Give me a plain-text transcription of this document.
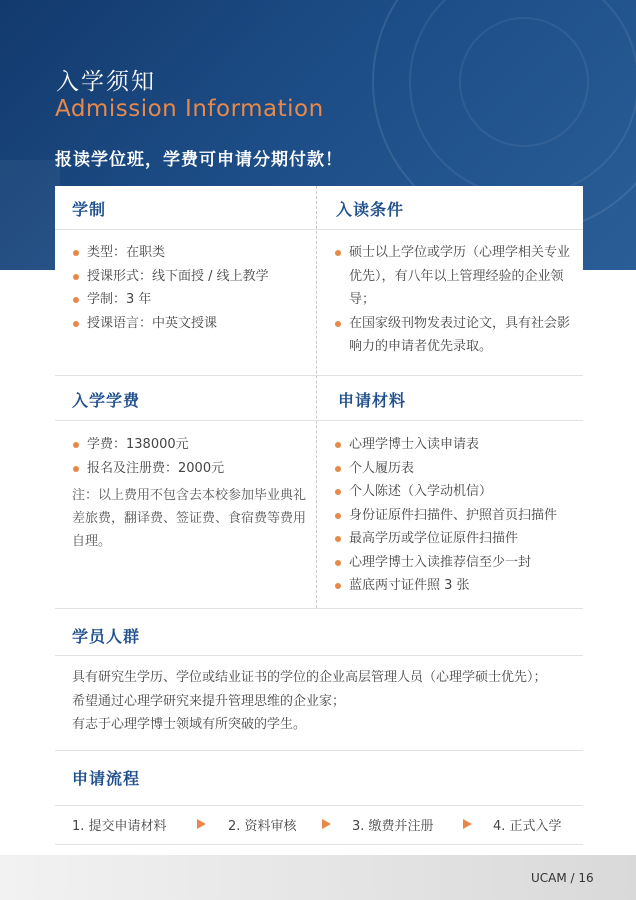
入学须知
Admission Information
报读学位班，学费可申请分期付款！
学制
类型：在职类
授课形式：线下面授 / 线上教学
学制：3 年
授课语言：中英文授课
入读条件
硕士以上学位或学历（心理学相关专业优先），有八年以上管理经验的企业领导；
在国家级刊物发表过论文，具有社会影响力的申请者优先录取。
入学学费
学费：138000元
报名及注册费：2000元
注：以上费用不包含去本校参加毕业典礼差旅费，翻译费、签证费、食宿费等费用自理。
申请材料
心理学博士入读申请表
个人履历表
个人陈述（入学动机信）
身份证原件扫描件、护照首页扫描件
最高学历或学位证原件扫描件
心理学博士入读推荐信至少一封
蓝底两寸证件照 3 张
学员人群
具有研究生学历、学位或结业证书的学位的企业高层管理人员（心理学硕士优先）；
希望通过心理学研究来提升管理思维的企业家；
有志于心理学博士领域有所突破的学生。
申请流程
1. 提交申请材料	2. 资料审核	3. 缴费并注册	4. 正式入学
UCAM / 16
